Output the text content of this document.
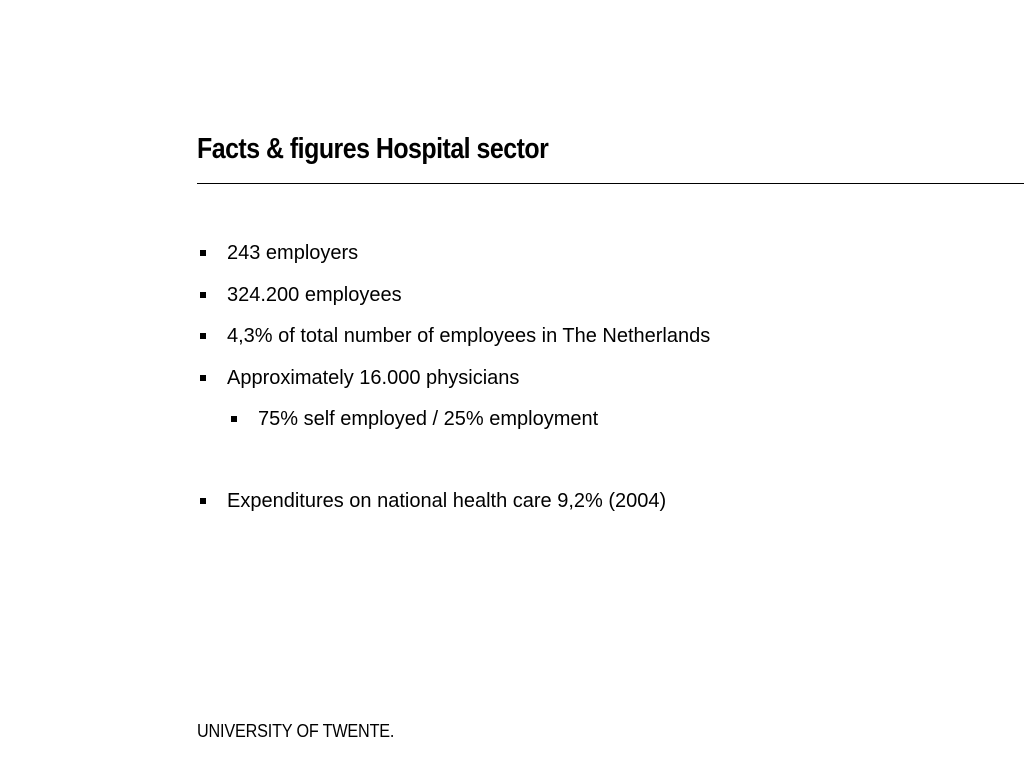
Facts & figures Hospital sector
243 employers
324.200 employees
4,3% of total number of employees in The Netherlands
Approximately 16.000 physicians
75% self employed / 25% employment
Expenditures on national health care 9,2% (2004)
UNIVERSITY OF TWENTE.
